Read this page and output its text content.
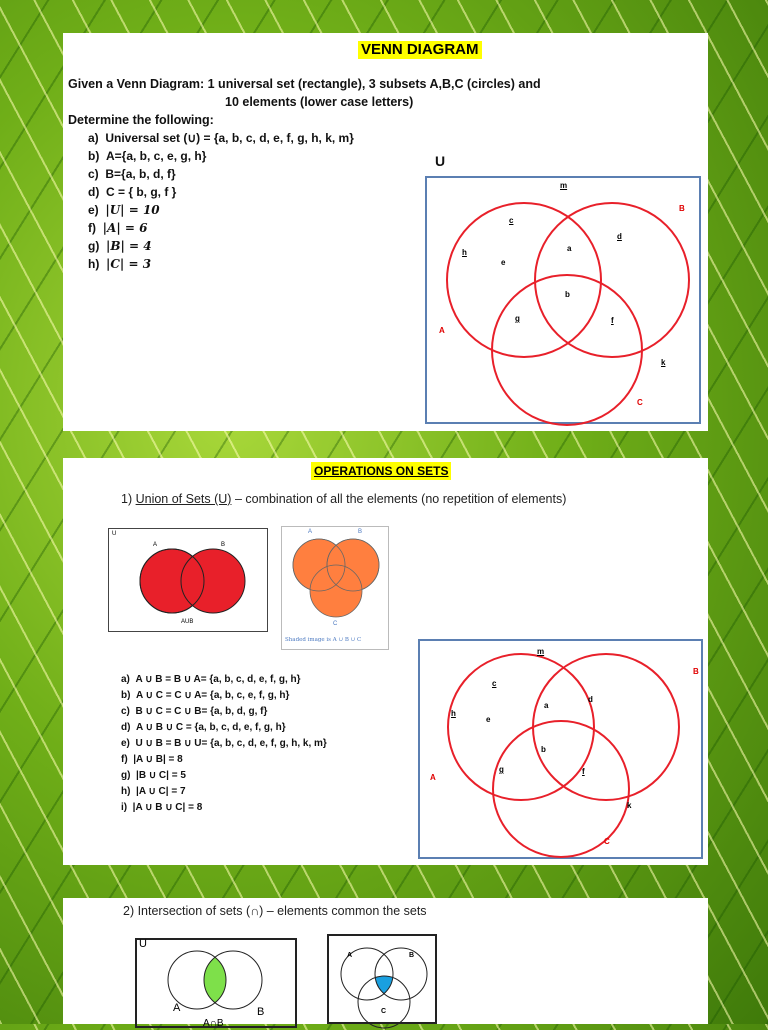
VENN DIAGRAM
Given a Venn Diagram: 1 universal set (rectangle), 3 subsets A,B,C (circles) and
10 elements (lower case letters)
Determine the following:
a) Universal set (∪) = {a, b, c, d, e, f, g, h, k, m}
b) A={a, b, c, e, g, h}
c) B={a, b, d, f}
d) C = { b, g, f }
e) |U| = 10
f) |A| = 6
g) |B| = 4
h) |C| = 3
U
m
B
c
d
a
h
e
b
g	f
A
k
C
OPERATIONS ON SETS
1) Union of Sets (U) – combination of all the elements (no repetition of elements)
U
A	B
AUB
A	B
C
Shaded image is A ∪ B ∪ C
a) A ∪ B = B ∪ A= {a, b, c, d, e, f, g, h}
b) A ∪ C = C ∪ A= {a, b, c, e, f, g, h}
c) B ∪ C = C ∪ B= {a, b, d, g, f}
d) A ∪ B ∪ C = {a, b, c, d, e, f, g, h}
e) U ∪ B = B ∪ U= {a, b, c, d, e, f, g, h, k, m}
f) |A ∪ B| = 8
g) |B ∪ C| = 5
h) |A ∪ C| = 7
i) |A ∪ B ∪ C| = 8
m
B
c
d
a
h
e
b
g	f
A
k
C
2) Intersection of sets (∩) – elements common the sets
U
A	B
A∩B
A	B
C
